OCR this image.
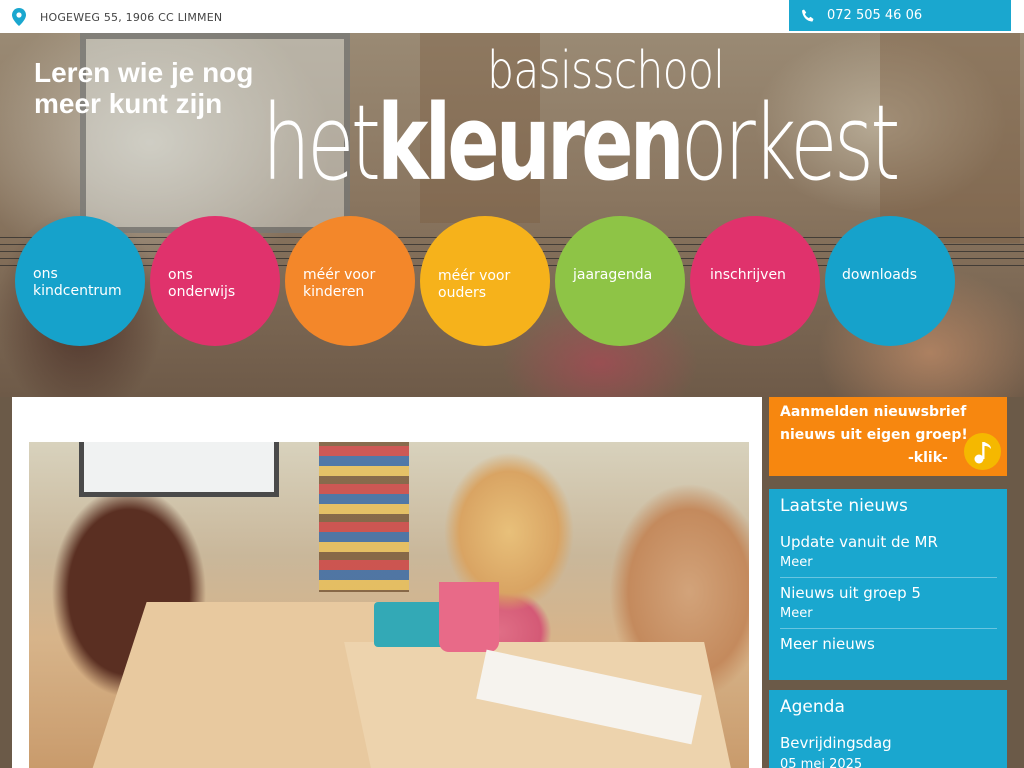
HOGEWEG 55, 1906 CC LIMMEN	072 505 46 06
Leren wie je nog
meer kunt zijn
basisschool
hetkleurenorkest
ons
kindcentrum
ons
onderwijs
méér voor
kinderen
méér voor
ouders
jaaragenda	inschrijven	downloads
Aanmelden nieuwsbrief
nieuws uit eigen groep!
-klik-
Laatste nieuws
Update vanuit de MR
Meer
Nieuws uit groep 5
Meer
Meer nieuws
Agenda
Bevrijdingsdag
05 mei 2025
